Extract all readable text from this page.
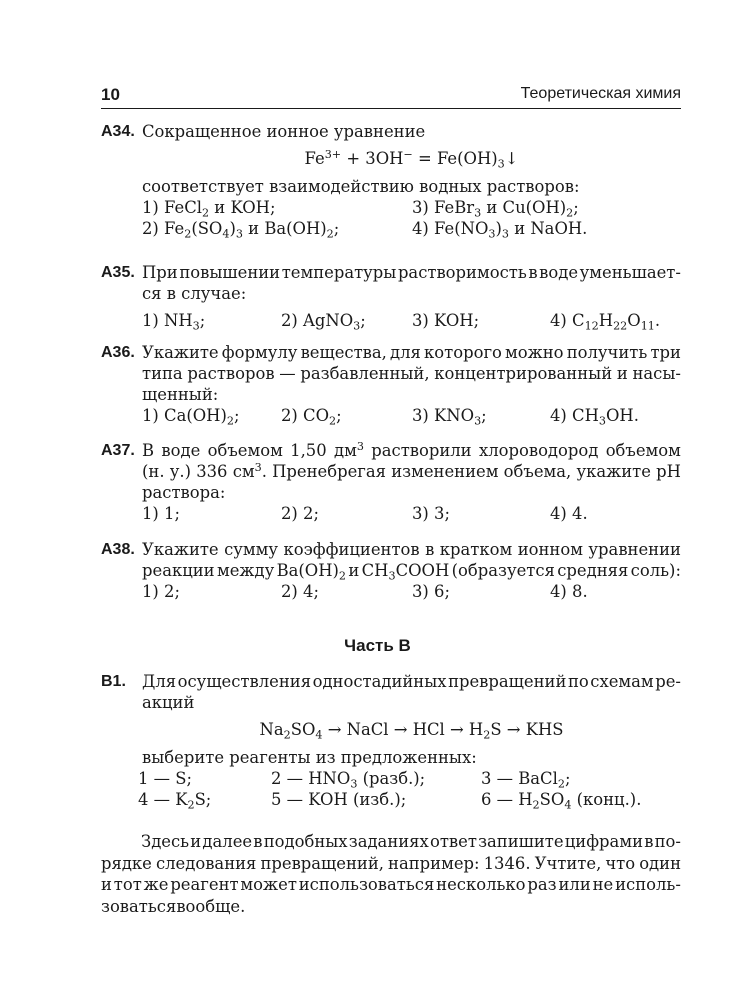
10	Теоретическая химия
A34. Сокращенное ионное уравнение
$Fe^{3+} + 3OH^-$ = $Fe(OH)_3↓$
соответствует взаимодействию водных растворов:
1) FeCl$_2$ и KOH;	3) FeBr$_3$ и $Cu(OH)_2$;
2) $Fe_2(SO_4)_3$ и $Ba(OH)_2$;	4) $Fe(NO_3)_3$ и NaOH.
A35. При повышении температуры растворимость в воде уменьшает-
ся в случае:
1) $NH_3$;	2) AgNO$_3$;	3) KOH;	4) $C_{12}H_{22}O_{11}$.
A36. Укажите формулу вещества, для которого можно получить три
типа растворов — разбавленный, концентрированный и насы-
щенный:
1) $Ca(OH)_2$;	2) $CO_2$;	3) $KNO_3$;	4) $CH_3OH$.
A37. В воде объемом 1,50 $дм^3$ растворили хлороводород объемом
(н. у.) 336 $см^3$. Пренебрегая изменением объема, укажите pH
раствора:
1) 1;	2) 2;	3) 3;	4) 4.
A38. Укажите сумму коэффициентов в кратком ионном уравнении
реакции между $Ba(OH)_2$ и $CH_3COOH$ (образуется средняя соль):
1) 2;	2) 4;	3) 6;	4) 8.
Часть B
B1. Для осуществления одностадийных превращений по схемам ре-
акций
$Na_2SO_4$ → NaCl → HCl → $H_2S$ → KHS
выберите реагенты из предложенных:
1 — S;	2 — $HNO_3$ (разб.);	3 — BaCl$_2$;
4 — $K_2S$;	5 — KOH (изб.);	6 — $H_2SO_4$ (конц.).
Здесь и далее в подобных заданиях ответ запишите цифрами в по-
рядке следования превращений, например: 1346. Учтите, что один
и тот же реагент может использоваться несколько раз или не исполь-
зоваться вообще.
